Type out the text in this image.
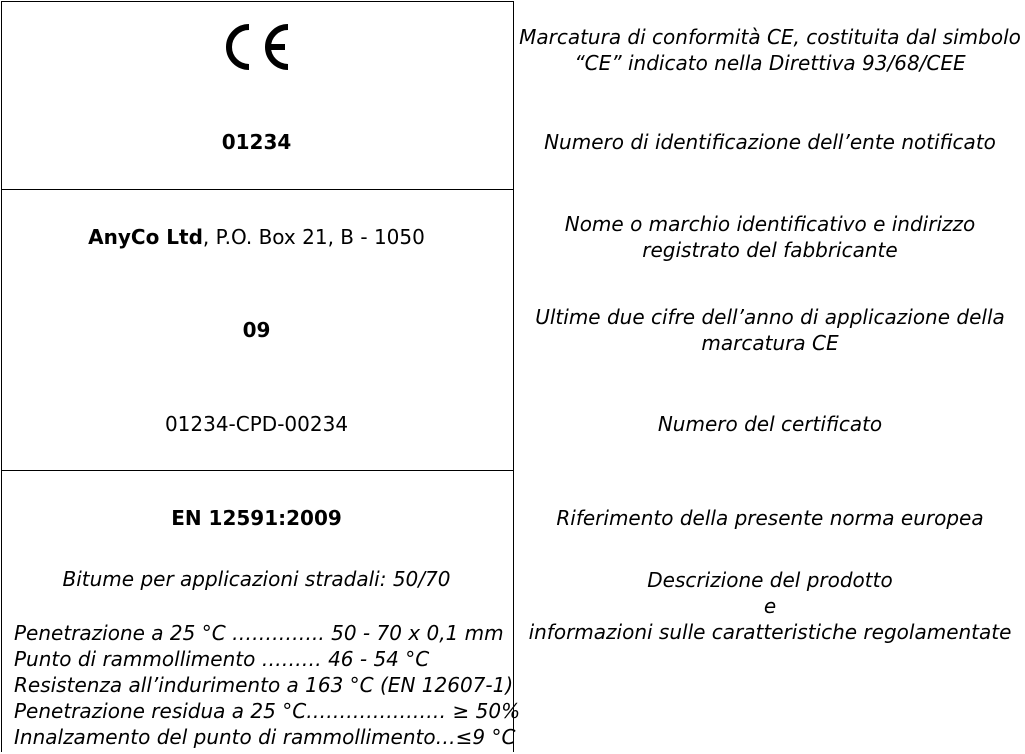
01234
AnyCo Ltd, P.O. Box 21, B - 1050
09
01234-CPD-00234
EN 12591:2009
Bitume per applicazioni stradali: 50/70
Penetrazione a 25 °C ………….. 50 - 70 x 0,1 mm
Punto di rammollimento ……… 46 - 54 °C
Resistenza all’indurimento a 163 °C (EN 12607-1)
Penetrazione residua a 25 °C………………… ≥ 50%
Innalzamento del punto di rammollimento…≤9 °C
Marcatura di conformità CE, costituita dal simbolo
“CE” indicato nella Direttiva 93/68/CEE
Numero di identificazione dell’ente notificato
Nome o marchio identificativo e indirizzo
registrato del fabbricante
Ultime due cifre dell’anno di applicazione della
marcatura CE
Numero del certificato
Riferimento della presente norma europea
Descrizione del prodotto
e
informazioni sulle caratteristiche regolamentate
